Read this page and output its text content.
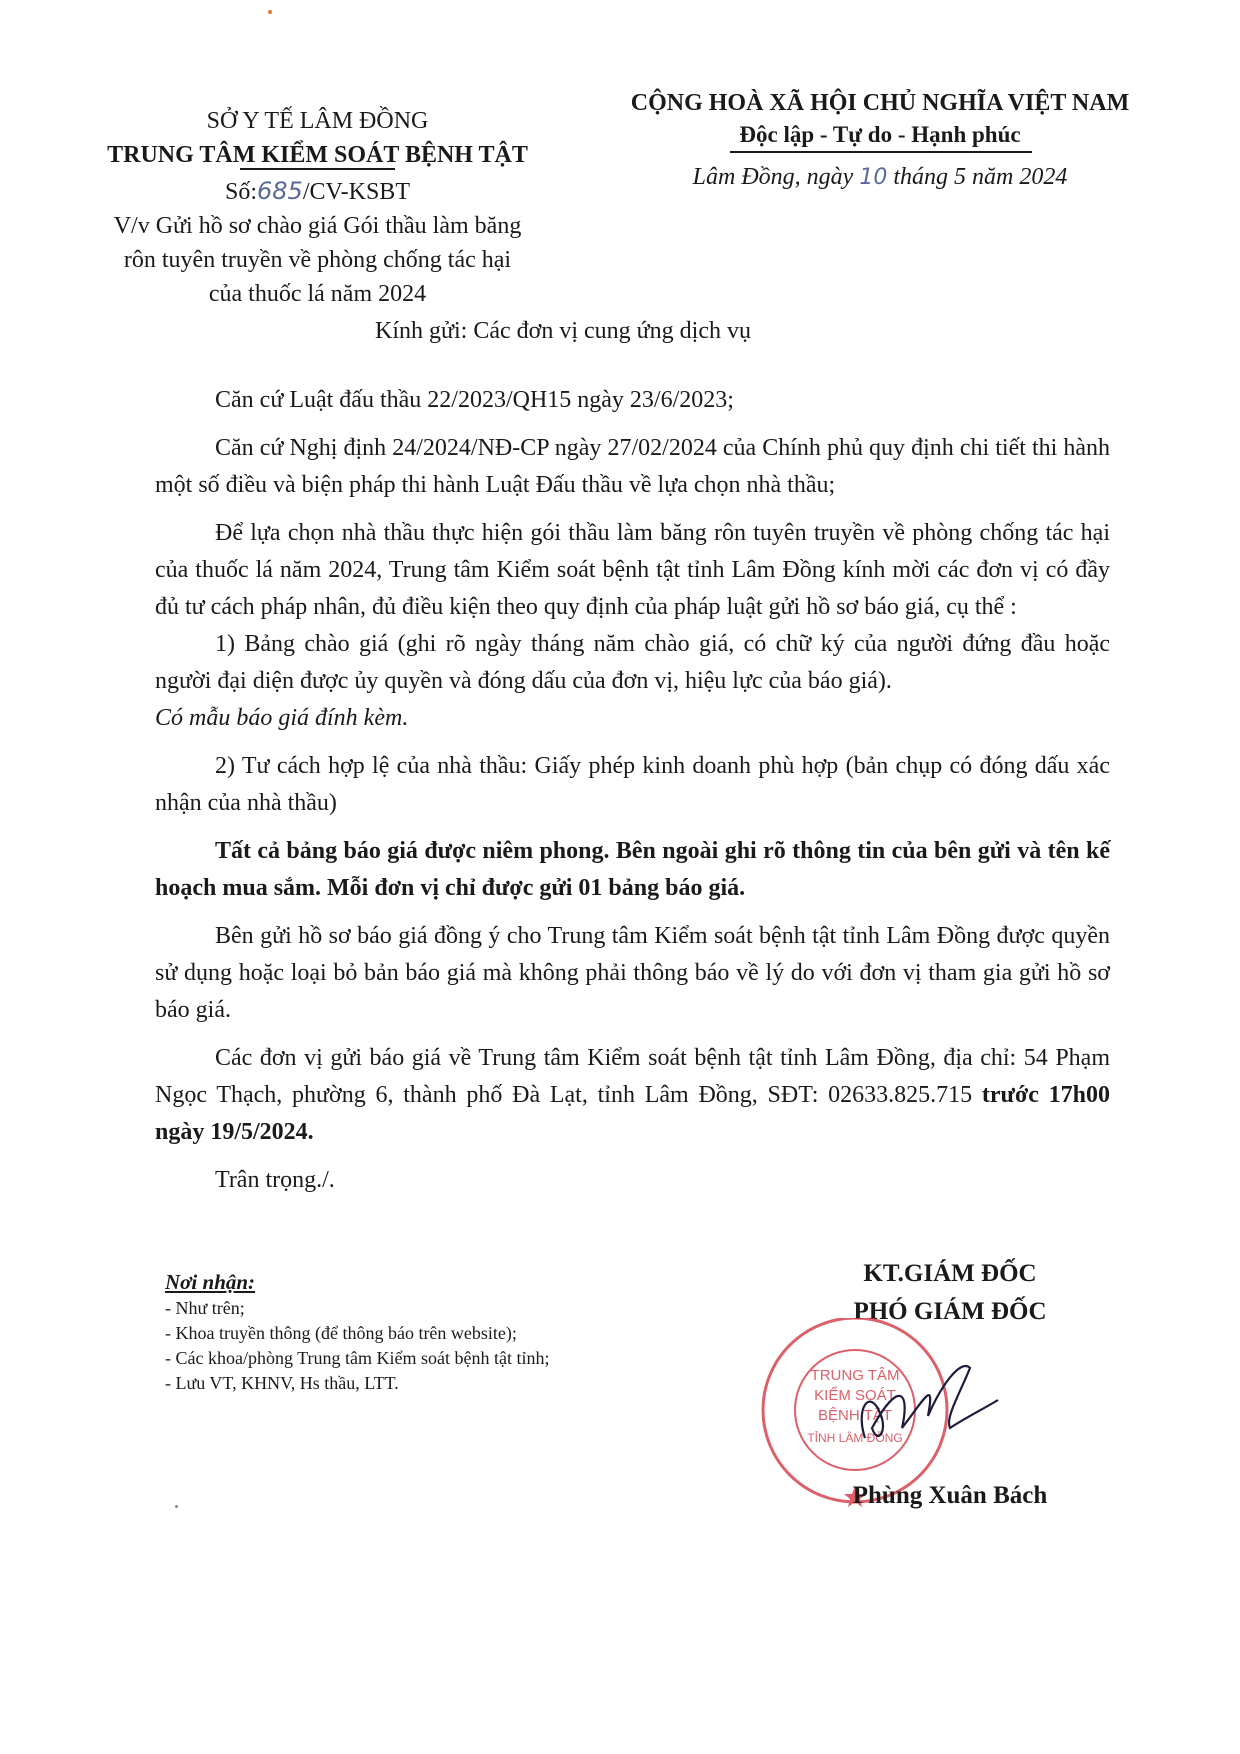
SỞ Y TẾ LÂM ĐỒNG
TRUNG TÂM KIỂM SOÁT BỆNH TẬT
Số:685/CV-KSBT
V/v Gửi hồ sơ chào giá Gói thầu làm băng
rôn tuyên truyền về phòng chống tác hại
của thuốc lá năm 2024
CỘNG HOÀ XÃ HỘI CHỦ NGHĨA VIỆT NAM
Độc lập - Tự do - Hạnh phúc
Lâm Đồng, ngày 10 tháng 5 năm 2024
Kính gửi: Các đơn vị cung ứng dịch vụ
Căn cứ Luật đấu thầu 22/2023/QH15 ngày 23/6/2023;
Căn cứ Nghị định 24/2024/NĐ-CP ngày 27/02/2024 của Chính phủ quy định chi tiết thi hành một số điều và biện pháp thi hành Luật Đấu thầu về lựa chọn nhà thầu;
Để lựa chọn nhà thầu thực hiện gói thầu làm băng rôn tuyên truyền về phòng chống tác hại của thuốc lá năm 2024, Trung tâm Kiểm soát bệnh tật tỉnh Lâm Đồng kính mời các đơn vị có đầy đủ tư cách pháp nhân, đủ điều kiện theo quy định của pháp luật gửi hồ sơ báo giá, cụ thể :
1) Bảng chào giá (ghi rõ ngày tháng năm chào giá, có chữ ký của người đứng đầu hoặc người đại diện được ủy quyền và đóng dấu của đơn vị, hiệu lực của báo giá).
Có mẫu báo giá đính kèm.
2) Tư cách hợp lệ của nhà thầu: Giấy phép kinh doanh phù hợp (bản chụp có đóng dấu xác nhận của nhà thầu)
Tất cả bảng báo giá được niêm phong. Bên ngoài ghi rõ thông tin của bên gửi và tên kế hoạch mua sắm. Mỗi đơn vị chỉ được gửi 01 bảng báo giá.
Bên gửi hồ sơ báo giá đồng ý cho Trung tâm Kiểm soát bệnh tật tỉnh Lâm Đồng được quyền sử dụng hoặc loại bỏ bản báo giá mà không phải thông báo về lý do với đơn vị tham gia gửi hồ sơ báo giá.
Các đơn vị gửi báo giá về Trung tâm Kiểm soát bệnh tật tỉnh Lâm Đồng, địa chỉ: 54 Phạm Ngọc Thạch, phường 6, thành phố Đà Lạt, tỉnh Lâm Đồng, SĐT: 02633.825.715 trước 17h00 ngày 19/5/2024.
Trân trọng./.
Nơi nhận:
- Như trên;
- Khoa truyền thông (để thông báo trên website);
- Các khoa/phòng Trung tâm Kiểm soát bệnh tật tỉnh;
- Lưu VT, KHNV, Hs thầu, LTT.
KT.GIÁM ĐỐC
PHÓ GIÁM ĐỐC
TRUNG TÂM
KIỂM SOÁT
BỆNH TẬT
TỈNH LÂM ĐỒNG
Phùng Xuân Bách
